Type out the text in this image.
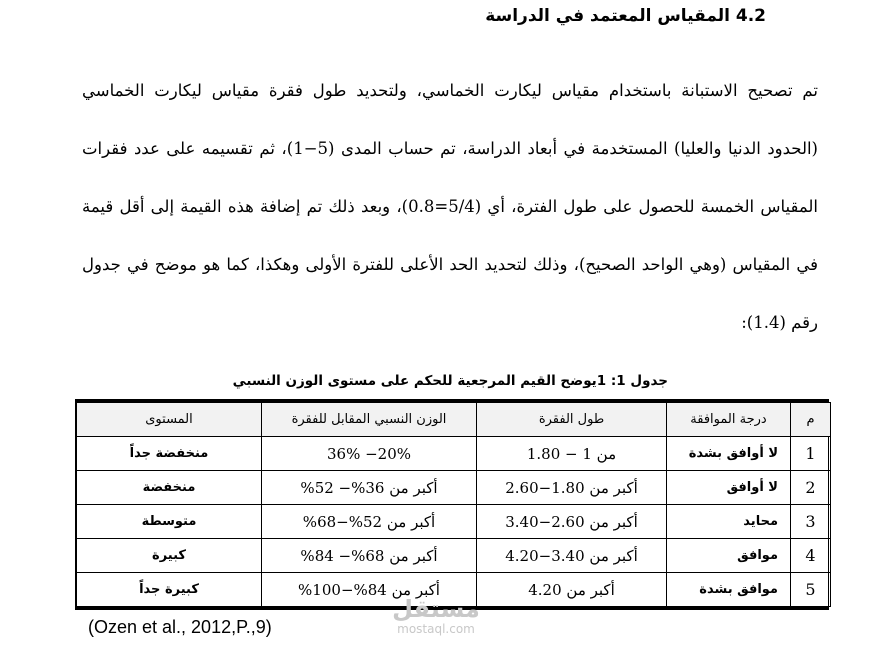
4.2 المقياس المعتمد في الدراسة
تم تصحيح الاستبانة باستخدام مقياس ليكارت الخماسي، ولتحديد طول فقرة مقياس ليكارت الخماسي (الحدود الدنيا والعليا) المستخدمة في أبعاد الدراسة، تم حساب المدى (5−1)، ثم تقسيمه على عدد فقرات المقياس الخمسة للحصول على طول الفترة، أي (5/4=0.8)، وبعد ذلك تم إضافة هذه القيمة إلى أقل قيمة في المقياس (وهي الواحد الصحيح)، وذلك لتحديد الحد الأعلى للفترة الأولى وهكذا، كما هو موضح في جدول رقم (1.4):
جدول 1: 1يوضح القيم المرجعية للحكم على مستوى الوزن النسبي
م	درجة الموافقة	طول الفقرة	الوزن النسبي المقابل للفقرة	المستوى
1	لا أوافق بشدة	من 1 − 1.80	20%− 36%	منخفضة جداً
2	لا أوافق	أكبر من 1.80−2.60	أكبر من 36%− 52%	منخفضة
3	محايد	أكبر من 2.60−3.40	أكبر من 52%−68%	متوسطة
4	موافق	أكبر من 3.40−4.20	أكبر من 68%− 84%	كبيرة
5	موافق بشدة	أكبر من 4.20	أكبر من 84%−100%	كبيرة جداً
(Ozen et al., 2012,P.,9)
مستقل
mostaql.com
